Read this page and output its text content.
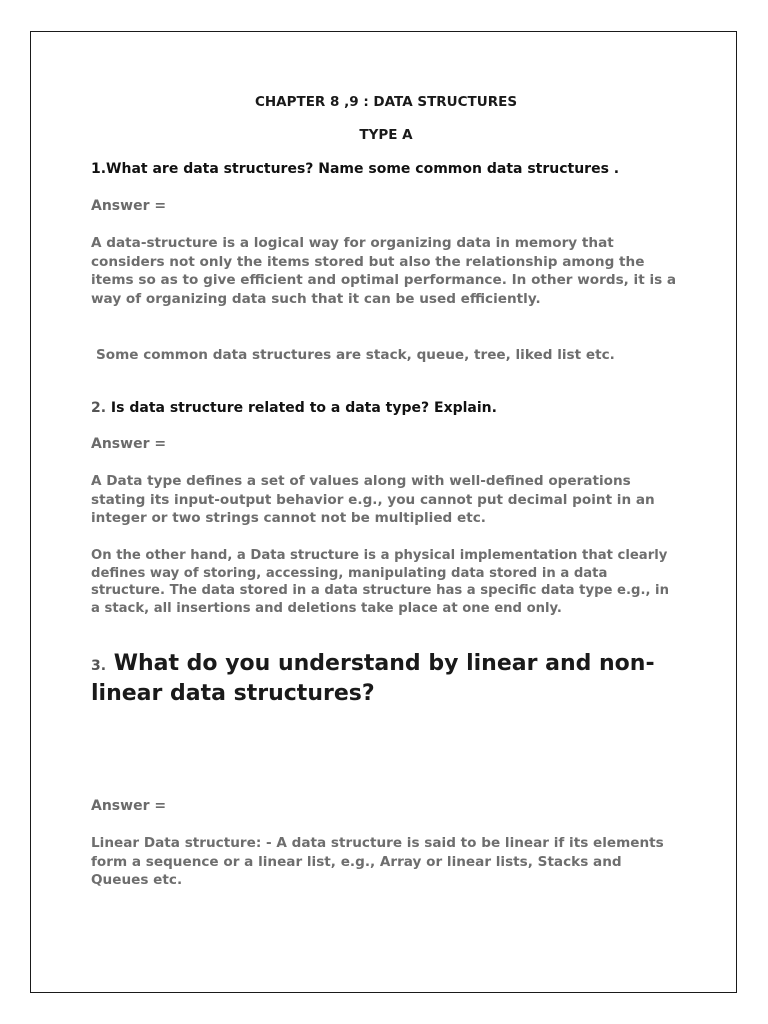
CHAPTER 8 ,9 : DATA STRUCTURES
TYPE A
1.What are data structures? Name some common data structures .
Answer =

A data-structure is a logical way for organizing data in memory that considers not only the items stored but also the relationship among the items so as to give efficient and optimal performance. In other words, it is a way of organizing data such that it can be used efficiently.

Some common data structures are stack, queue, tree, liked list etc.

2. Is data structure related to a data type? Explain.
Answer =

A Data type defines a set of values along with well-defined operations stating its input-output behavior e.g., you cannot put decimal point in an integer or two strings cannot not be multiplied etc.

On the other hand, a Data structure is a physical implementation that clearly defines way of storing, accessing, manipulating data stored in a data structure. The data stored in a data structure has a specific data type e.g., in a stack, all insertions and deletions take place at one end only.

3. What do you understand by linear and non-linear data structures?
Answer =

Linear Data structure: - A data structure is said to be linear if its elements form a sequence or a linear list, e.g., Array or linear lists, Stacks and Queues etc.
